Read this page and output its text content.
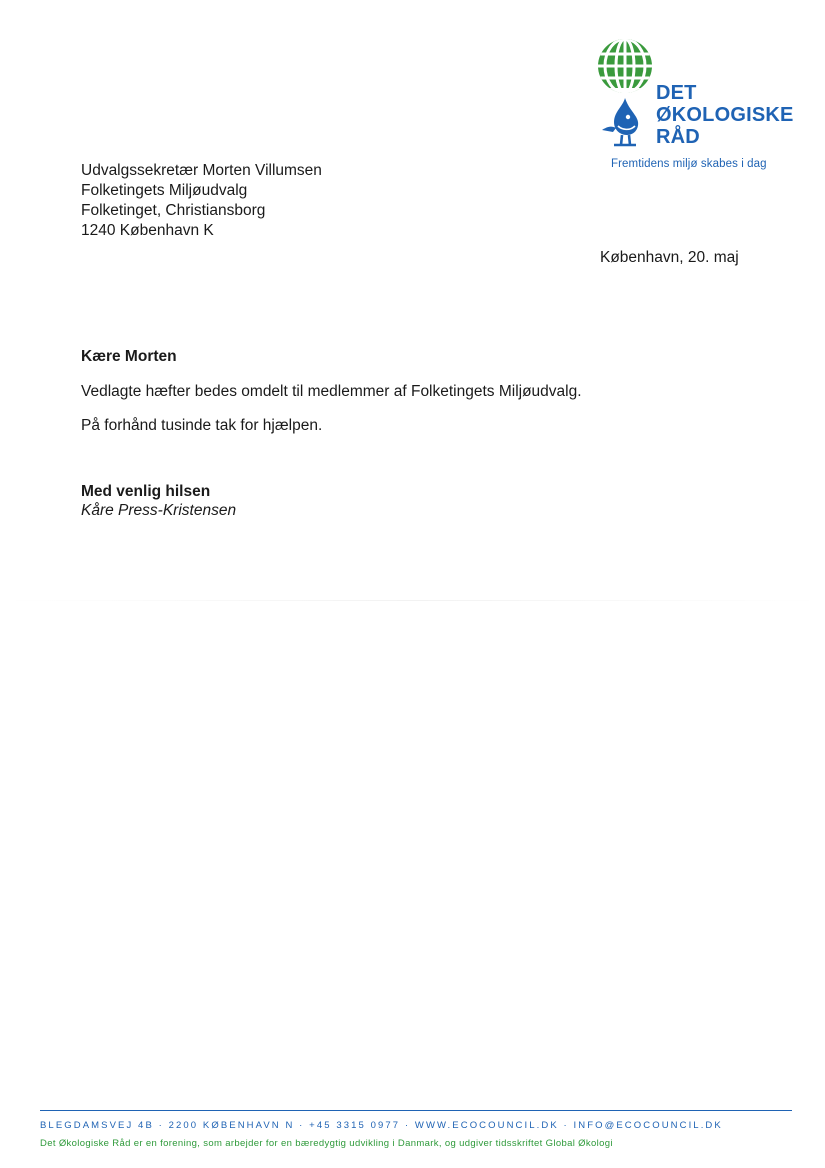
DET
ØKOLOGISKE
RÅD
Fremtidens miljø skabes i dag
Udvalgssekretær Morten Villumsen
Folketingets Miljøudvalg
Folketinget, Christiansborg
1240 København K
København, 20. maj
Kære Morten
Vedlagte hæfter bedes omdelt til medlemmer af Folketingets Miljøudvalg.
På forhånd tusinde tak for hjælpen.
Med venlig hilsen
Kåre Press-Kristensen
BLEGDAMSVEJ 4B · 2200 KØBENHAVN N · +45 3315 0977 · WWW.ECOCOUNCIL.DK · INFO@ECOCOUNCIL.DK
Det Økologiske Råd er en forening, som arbejder for en bæredygtig udvikling i Danmark, og udgiver tidsskriftet Global Økologi
